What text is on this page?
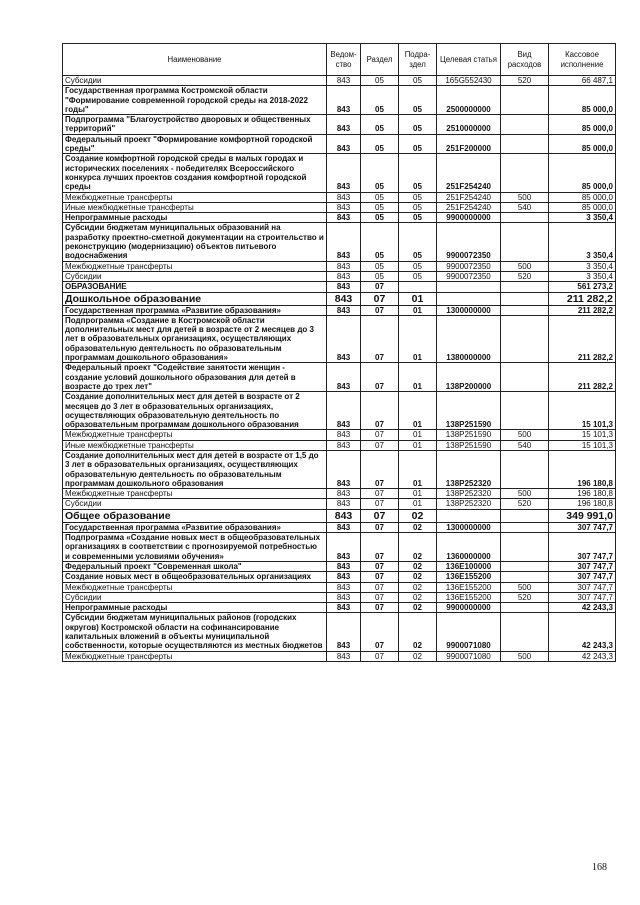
Наименование	Ведом-ство	Раздел	Подра-здел	Целевая статья	Вид расходов	Кассовое исполнение
Субсидии	843	05	05	165G552430	520	66 487,1
Государственная программа Костромской области "Формирование современной городской среды на 2018-2022 годы"	843	05	05	2500000000		85 000,0
Подпрограмма "Благоустройство дворовых и общественных территорий"	843	05	05	2510000000		85 000,0
Федеральный проект "Формирование комфортной городской среды"	843	05	05	251F200000		85 000,0
Создание комфортной городской среды в малых городах и исторических поселениях - победителях Всероссийского конкурса лучших проектов создания комфортной городской среды	843	05	05	251F254240		85 000,0
Межбюджетные трансферты	843	05	05	251F254240	500	85 000,0
Иные межбюджетные трансферты	843	05	05	251F254240	540	85 000,0
Непрограммные расходы	843	05	05	9900000000		3 350,4
Субсидии бюджетам муниципальных образований на разработку проектно-сметной документации на строительство и реконструкцию (модернизацию) объектов питьевого водоснабжения	843	05	05	9900072350		3 350,4
Межбюджетные трансферты	843	05	05	9900072350	500	3 350,4
Субсидии	843	05	05	9900072350	520	3 350,4
ОБРАЗОВАНИЕ	843	07				561 273,2
Дошкольное образование	843	07	01			211 282,2
Государственная программа «Развитие образования»	843	07	01	1300000000		211 282,2
Подпрограмма «Создание в Костромской области дополнительных мест для детей в возрасте от 2 месяцев до 3 лет в образовательных организациях, осуществляющих образовательную деятельность по образовательным программам дошкольного образования»	843	07	01	1380000000		211 282,2
Федеральный проект "Содействие занятости женщин - создание условий дошкольного образования для детей в возрасте до трех лет"	843	07	01	138P200000		211 282,2
Создание дополнительных мест для детей в возрасте от 2 месяцев до 3 лет в образовательных организациях, осуществляющих образовательную деятельность по образовательным программам дошкольного образования	843	07	01	138P251590		15 101,3
Межбюджетные трансферты	843	07	01	138P251590	500	15 101,3
Иные межбюджетные трансферты	843	07	01	138P251590	540	15 101,3
Создание дополнительных мест для детей в возрасте от 1,5 до 3 лет в образовательных организациях, осуществляющих образовательную деятельность по образовательным программам дошкольного образования	843	07	01	138P252320		196 180,8
Межбюджетные трансферты	843	07	01	138P252320	500	196 180,8
Субсидии	843	07	01	138P252320	520	196 180,8
Общее образование	843	07	02			349 991,0
Государственная программа «Развитие образования»	843	07	02	1300000000		307 747,7
Подпрограмма «Создание новых мест в общеобразовательных организациях в соответствии с прогнозируемой потребностью и современными условиями обучения»	843	07	02	1360000000		307 747,7
Федеральный проект "Современная школа"	843	07	02	136E100000		307 747,7
Создание новых мест в общеобразовательных организациях	843	07	02	136E155200		307 747,7
Межбюджетные трансферты	843	07	02	136E155200	500	307 747,7
Субсидии	843	07	02	136E155200	520	307 747,7
Непрограммные расходы	843	07	02	9900000000		42 243,3
Субсидии бюджетам муниципальных районов (городских округов) Костромской области на софинансирование капитальных вложений в объекты муниципальной собственности, которые осуществляются из местных бюджетов	843	07	02	9900071080		42 243,3
Межбюджетные трансферты	843	07	02	9900071080	500	42 243,3
168
